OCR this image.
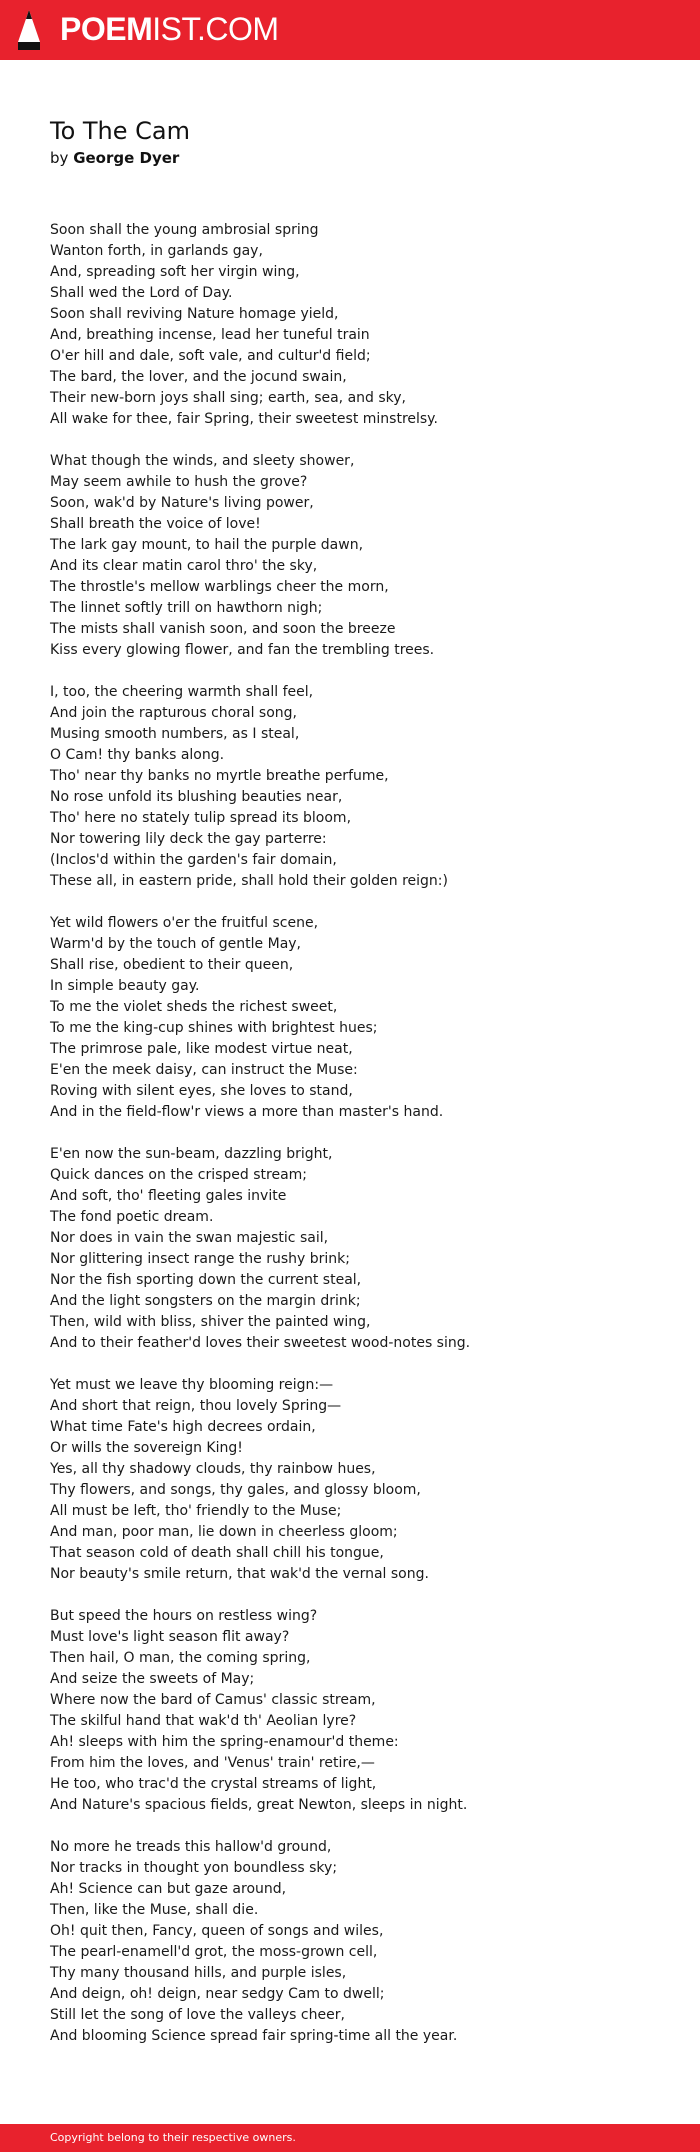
POEMIST.COM
To The Cam
by George Dyer
Soon shall the young ambrosial spring
Wanton forth, in garlands gay,
And, spreading soft her virgin wing,
Shall wed the Lord of Day.
Soon shall reviving Nature homage yield,
And, breathing incense, lead her tuneful train
O'er hill and dale, soft vale, and cultur'd field;
The bard, the lover, and the jocund swain,
Their new-born joys shall sing; earth, sea, and sky,
All wake for thee, fair Spring, their sweetest minstrelsy.
What though the winds, and sleety shower,
May seem awhile to hush the grove?
Soon, wak'd by Nature's living power,
Shall breath the voice of love!
The lark gay mount, to hail the purple dawn,
And its clear matin carol thro' the sky,
The throstle's mellow warblings cheer the morn,
The linnet softly trill on hawthorn nigh;
The mists shall vanish soon, and soon the breeze
Kiss every glowing flower, and fan the trembling trees.
I, too, the cheering warmth shall feel,
And join the rapturous choral song,
Musing smooth numbers, as I steal,
O Cam! thy banks along.
Tho' near thy banks no myrtle breathe perfume,
No rose unfold its blushing beauties near,
Tho' here no stately tulip spread its bloom,
Nor towering lily deck the gay parterre:
(Inclos'd within the garden's fair domain,
These all, in eastern pride, shall hold their golden reign:)
Yet wild flowers o'er the fruitful scene,
Warm'd by the touch of gentle May,
Shall rise, obedient to their queen,
In simple beauty gay.
To me the violet sheds the richest sweet,
To me the king-cup shines with brightest hues;
The primrose pale, like modest virtue neat,
E'en the meek daisy, can instruct the Muse:
Roving with silent eyes, she loves to stand,
And in the field-flow'r views a more than master's hand.
E'en now the sun-beam, dazzling bright,
Quick dances on the crisped stream;
And soft, tho' fleeting gales invite
The fond poetic dream.
Nor does in vain the swan majestic sail,
Nor glittering insect range the rushy brink;
Nor the fish sporting down the current steal,
And the light songsters on the margin drink;
Then, wild with bliss, shiver the painted wing,
And to their feather'd loves their sweetest wood-notes sing.
Yet must we leave thy blooming reign:—
And short that reign, thou lovely Spring—
What time Fate's high decrees ordain,
Or wills the sovereign King!
Yes, all thy shadowy clouds, thy rainbow hues,
Thy flowers, and songs, thy gales, and glossy bloom,
All must be left, tho' friendly to the Muse;
And man, poor man, lie down in cheerless gloom;
That season cold of death shall chill his tongue,
Nor beauty's smile return, that wak'd the vernal song.
But speed the hours on restless wing?
Must love's light season flit away?
Then hail, O man, the coming spring,
And seize the sweets of May;
Where now the bard of Camus' classic stream,
The skilful hand that wak'd th' Aeolian lyre?
Ah! sleeps with him the spring-enamour'd theme:
From him the loves, and 'Venus' train' retire,—
He too, who trac'd the crystal streams of light,
And Nature's spacious fields, great Newton, sleeps in night.
No more he treads this hallow'd ground,
Nor tracks in thought yon boundless sky;
Ah! Science can but gaze around,
Then, like the Muse, shall die.
Oh! quit then, Fancy, queen of songs and wiles,
The pearl-enamell'd grot, the moss-grown cell,
Thy many thousand hills, and purple isles,
And deign, oh! deign, near sedgy Cam to dwell;
Still let the song of love the valleys cheer,
And blooming Science spread fair spring-time all the year.
Copyright belong to their respective owners.
